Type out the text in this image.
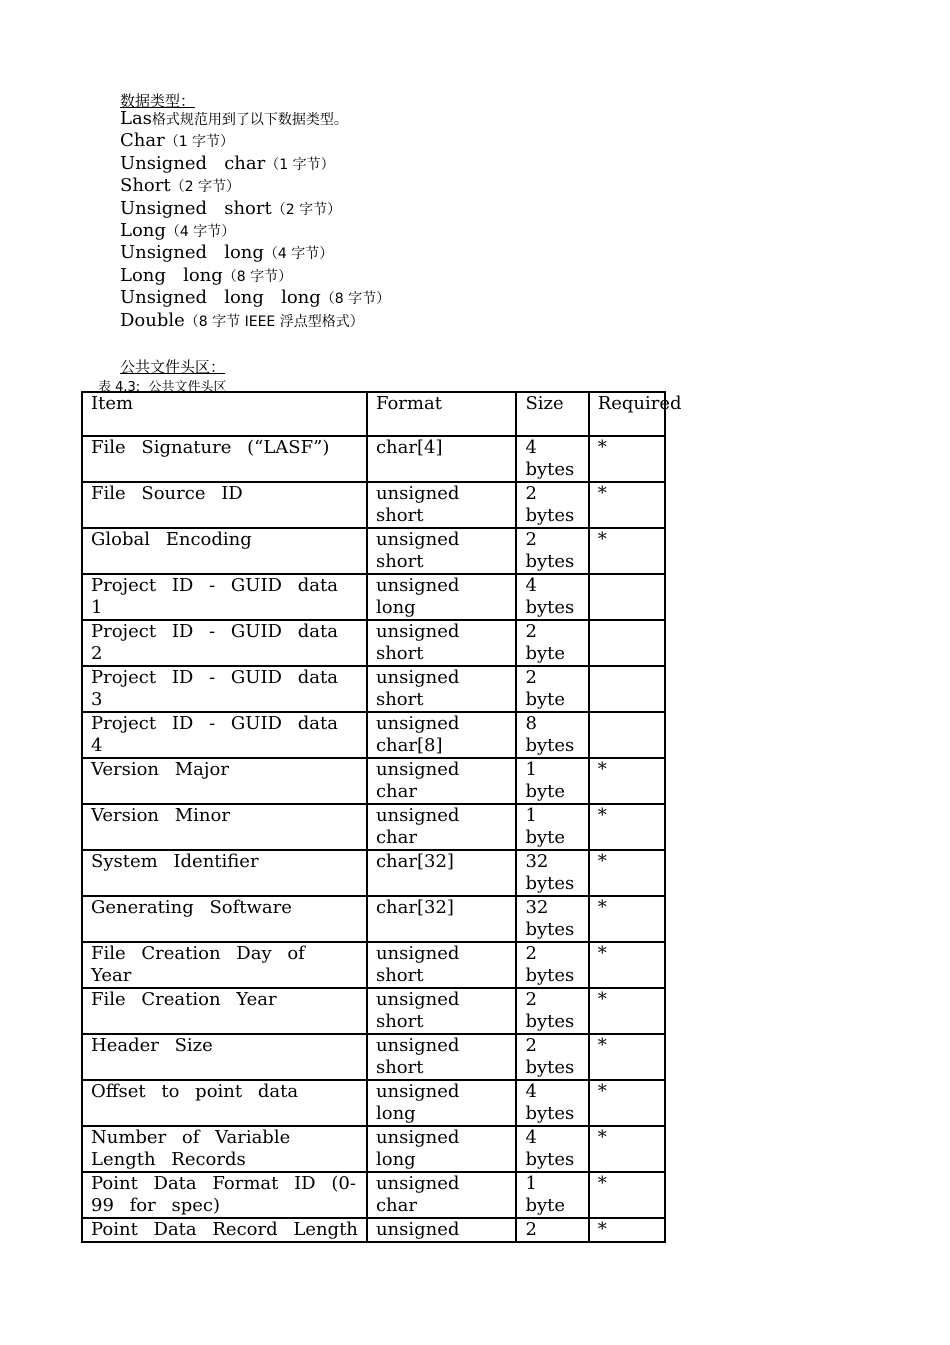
数据类型：
Las格式规范用到了以下数据类型。
Char（1 字节）
Unsigned   char（1 字节）
Short（2 字节）
Unsigned   short（2 字节）
Long（4 字节）
Unsigned   long（4 字节）
Long   long（8 字节）
Unsigned   long   long（8 字节）
Double（8 字节 IEEE 浮点型格式）
公共文件头区：
表 4.3:  公共文件头区
Item	Format	Size	Required
File Signature (“LASF”)	char[4]	4 bytes	*
File Source ID	unsigned short	2 bytes	*
Global Encoding	unsigned short	2 bytes	*
Project ID - GUID data 1	unsigned long	4 bytes	
Project ID - GUID data 2	unsigned short	2 byte	
Project ID - GUID data 3	unsigned short	2 byte	
Project ID - GUID data 4	unsigned char[8]	8 bytes	
Version Major	unsigned char	1 byte	*
Version Minor	unsigned char	1 byte	*
System Identifier	char[32]	32 bytes	*
Generating Software	char[32]	32 bytes	*
File Creation Day of Year	unsigned short	2 bytes	*
File Creation Year	unsigned short	2 bytes	*
Header Size	unsigned short	2 bytes	*
Offset to point data	unsigned long	4 bytes	*
Number of Variable Length Records	unsigned long	4 bytes	*
Point Data Format ID (0-99 for spec)	unsigned char	1 byte	*
Point Data Record Length	unsigned	2	*
